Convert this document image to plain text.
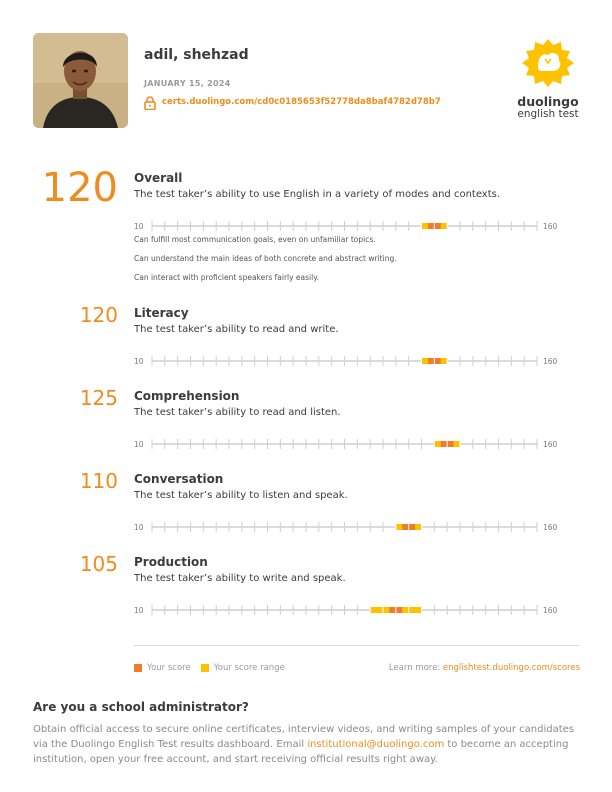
adil, shehzad
JANUARY 15, 2024
certs.duolingo.com/cd0c0185653f52778da8baf4782d78b7	duolingo
english test
120 Overall
The test taker’s ability to use English in a variety of modes and contexts.
10	160
Can fulfill most communication goals, even on unfamiliar topics.
Can understand the main ideas of both concrete and abstract writing.
Can interact with proficient speakers fairly easily.
120 Literacy
The test taker’s ability to read and write.
10	160
125 Comprehension
The test taker’s ability to read and listen.
10	160
110 Conversation
The test taker’s ability to listen and speak.
10	160
105 Production
The test taker’s ability to write and speak.
10	160
Your score	Your score range	Learn more: englishtest.duolingo.com/scores
Are you a school administrator?
Obtain official access to secure online certificates, interview videos, and writing samples of your candidates via the Duolingo English Test results dashboard. Email institutional@duolingo.com to become an accepting institution, open your free account, and start receiving official results right away.
